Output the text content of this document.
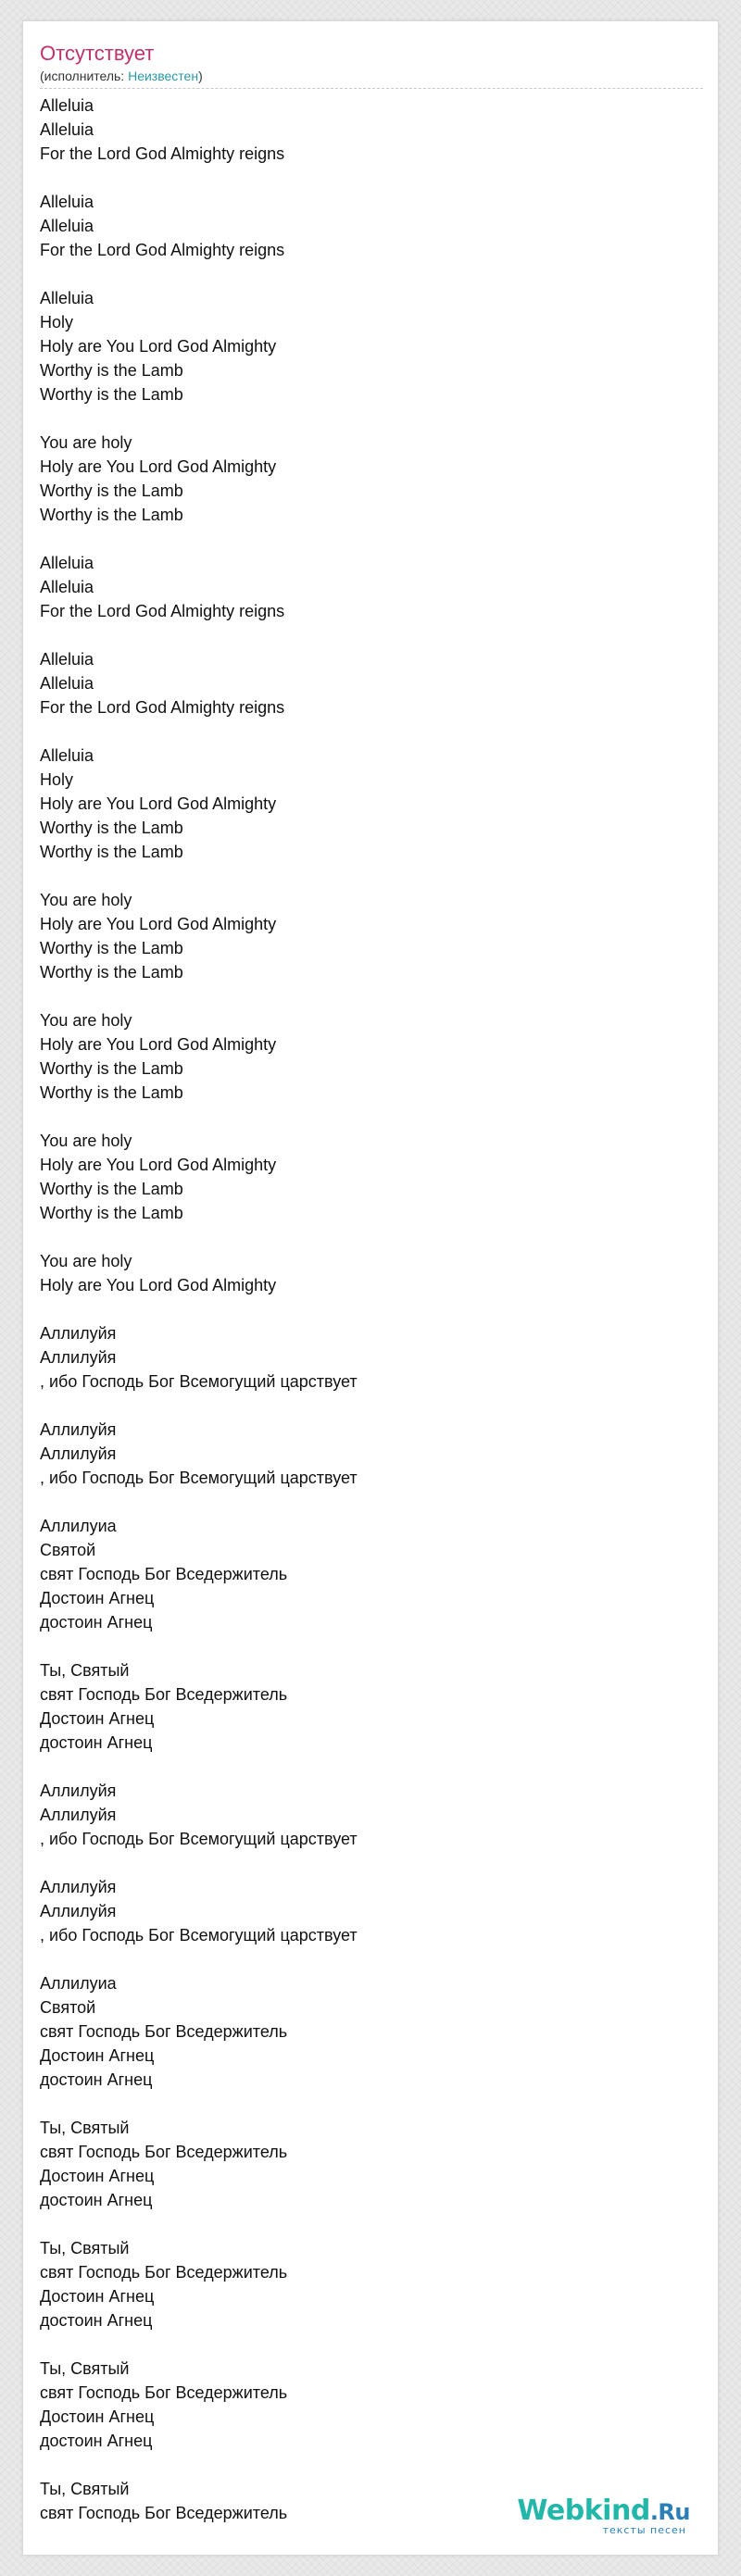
Отсутствует
(исполнитель: Неизвестен)
Alleluia
Alleluia
For the Lord God Almighty reigns
Alleluia
Alleluia
For the Lord God Almighty reigns
Alleluia
Holy
Holy are You Lord God Almighty
Worthy is the Lamb
Worthy is the Lamb
You are holy
Holy are You Lord God Almighty
Worthy is the Lamb
Worthy is the Lamb
Alleluia
Alleluia
For the Lord God Almighty reigns
Alleluia
Alleluia
For the Lord God Almighty reigns
Alleluia
Holy
Holy are You Lord God Almighty
Worthy is the Lamb
Worthy is the Lamb
You are holy
Holy are You Lord God Almighty
Worthy is the Lamb
Worthy is the Lamb
You are holy
Holy are You Lord God Almighty
Worthy is the Lamb
Worthy is the Lamb
You are holy
Holy are You Lord God Almighty
Worthy is the Lamb
Worthy is the Lamb
You are holy
Holy are You Lord God Almighty
Аллилуйя
Аллилуйя
, ибо Господь Бог Всемогущий царствует
Аллилуйя
Аллилуйя
, ибо Господь Бог Всемогущий царствует
Аллилуиа
Святой
свят Господь Бог Вседержитель
Достоин Агнец
достоин Агнец
Ты, Святый
свят Господь Бог Вседержитель
Достоин Агнец
достоин Агнец
Аллилуйя
Аллилуйя
, ибо Господь Бог Всемогущий царствует
Аллилуйя
Аллилуйя
, ибо Господь Бог Всемогущий царствует
Аллилуиа
Святой
свят Господь Бог Вседержитель
Достоин Агнец
достоин Агнец
Ты, Святый
свят Господь Бог Вседержитель
Достоин Агнец
достоин Агнец
Ты, Святый
свят Господь Бог Вседержитель
Достоин Агнец
достоин Агнец
Ты, Святый
свят Господь Бог Вседержитель
Достоин Агнец
достоин Агнец
Ты, Святый
свят Господь Бог Вседержитель	Webkind.Ru
тексты песен
